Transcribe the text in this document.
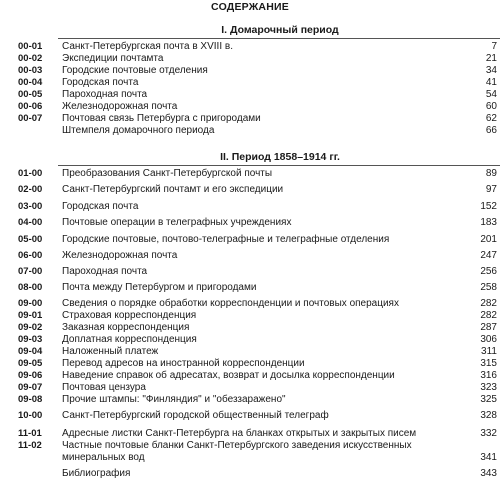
СОДЕРЖАНИЕ
I. Домарочный период
00-01 Санкт-Петербургская почта в XVIII в.	7
00-02 Экспедиции почтамта	21
00-03 Городские почтовые отделения	34
00-04 Городская почта	41
00-05 Пароходная почта	54
00-06 Железнодорожная почта	60
00-07 Почтовая связь Петербурга с пригородами	62
Штемпеля домарочного периода	66
II. Период 1858–1914 гг.
01-00 Преобразования Санкт-Петербургской почты	89
02-00 Санкт-Петербургский почтамт и его экспедиции	97
03-00 Городская почта	152
04-00 Почтовые операции в телеграфных учреждениях	183
05-00 Городские почтовые, почтово-телеграфные и телеграфные отделения	201
06-00 Железнодорожная почта	247
07-00 Пароходная почта	256
08-00 Почта между Петербургом и пригородами	258
09-00 Сведения о порядке обработки корреспонденции и почтовых операциях	282
09-01 Страховая корреспонденция	282
09-02 Заказная корреспонденция	287
09-03 Доплатная корреспонденция	306
09-04 Наложенный платеж	311
09-05 Перевод адресов на иностранной корреспонденции	315
09-06 Наведение справок об адресатах, возврат и досылка корреспонденции	316
09-07 Почтовая цензура	323
09-08 Прочие штампы: "Финляндия" и "обеззаражено"	325
10-00 Санкт-Петербургский городской общественный телеграф	328
11-01 Адресные листки Санкт-Петербурга на бланках открытых и закрытых писем	332
11-02 Частные почтовые бланки Санкт-Петербургского заведения искусственных минеральных вод	341
Библиография	343
